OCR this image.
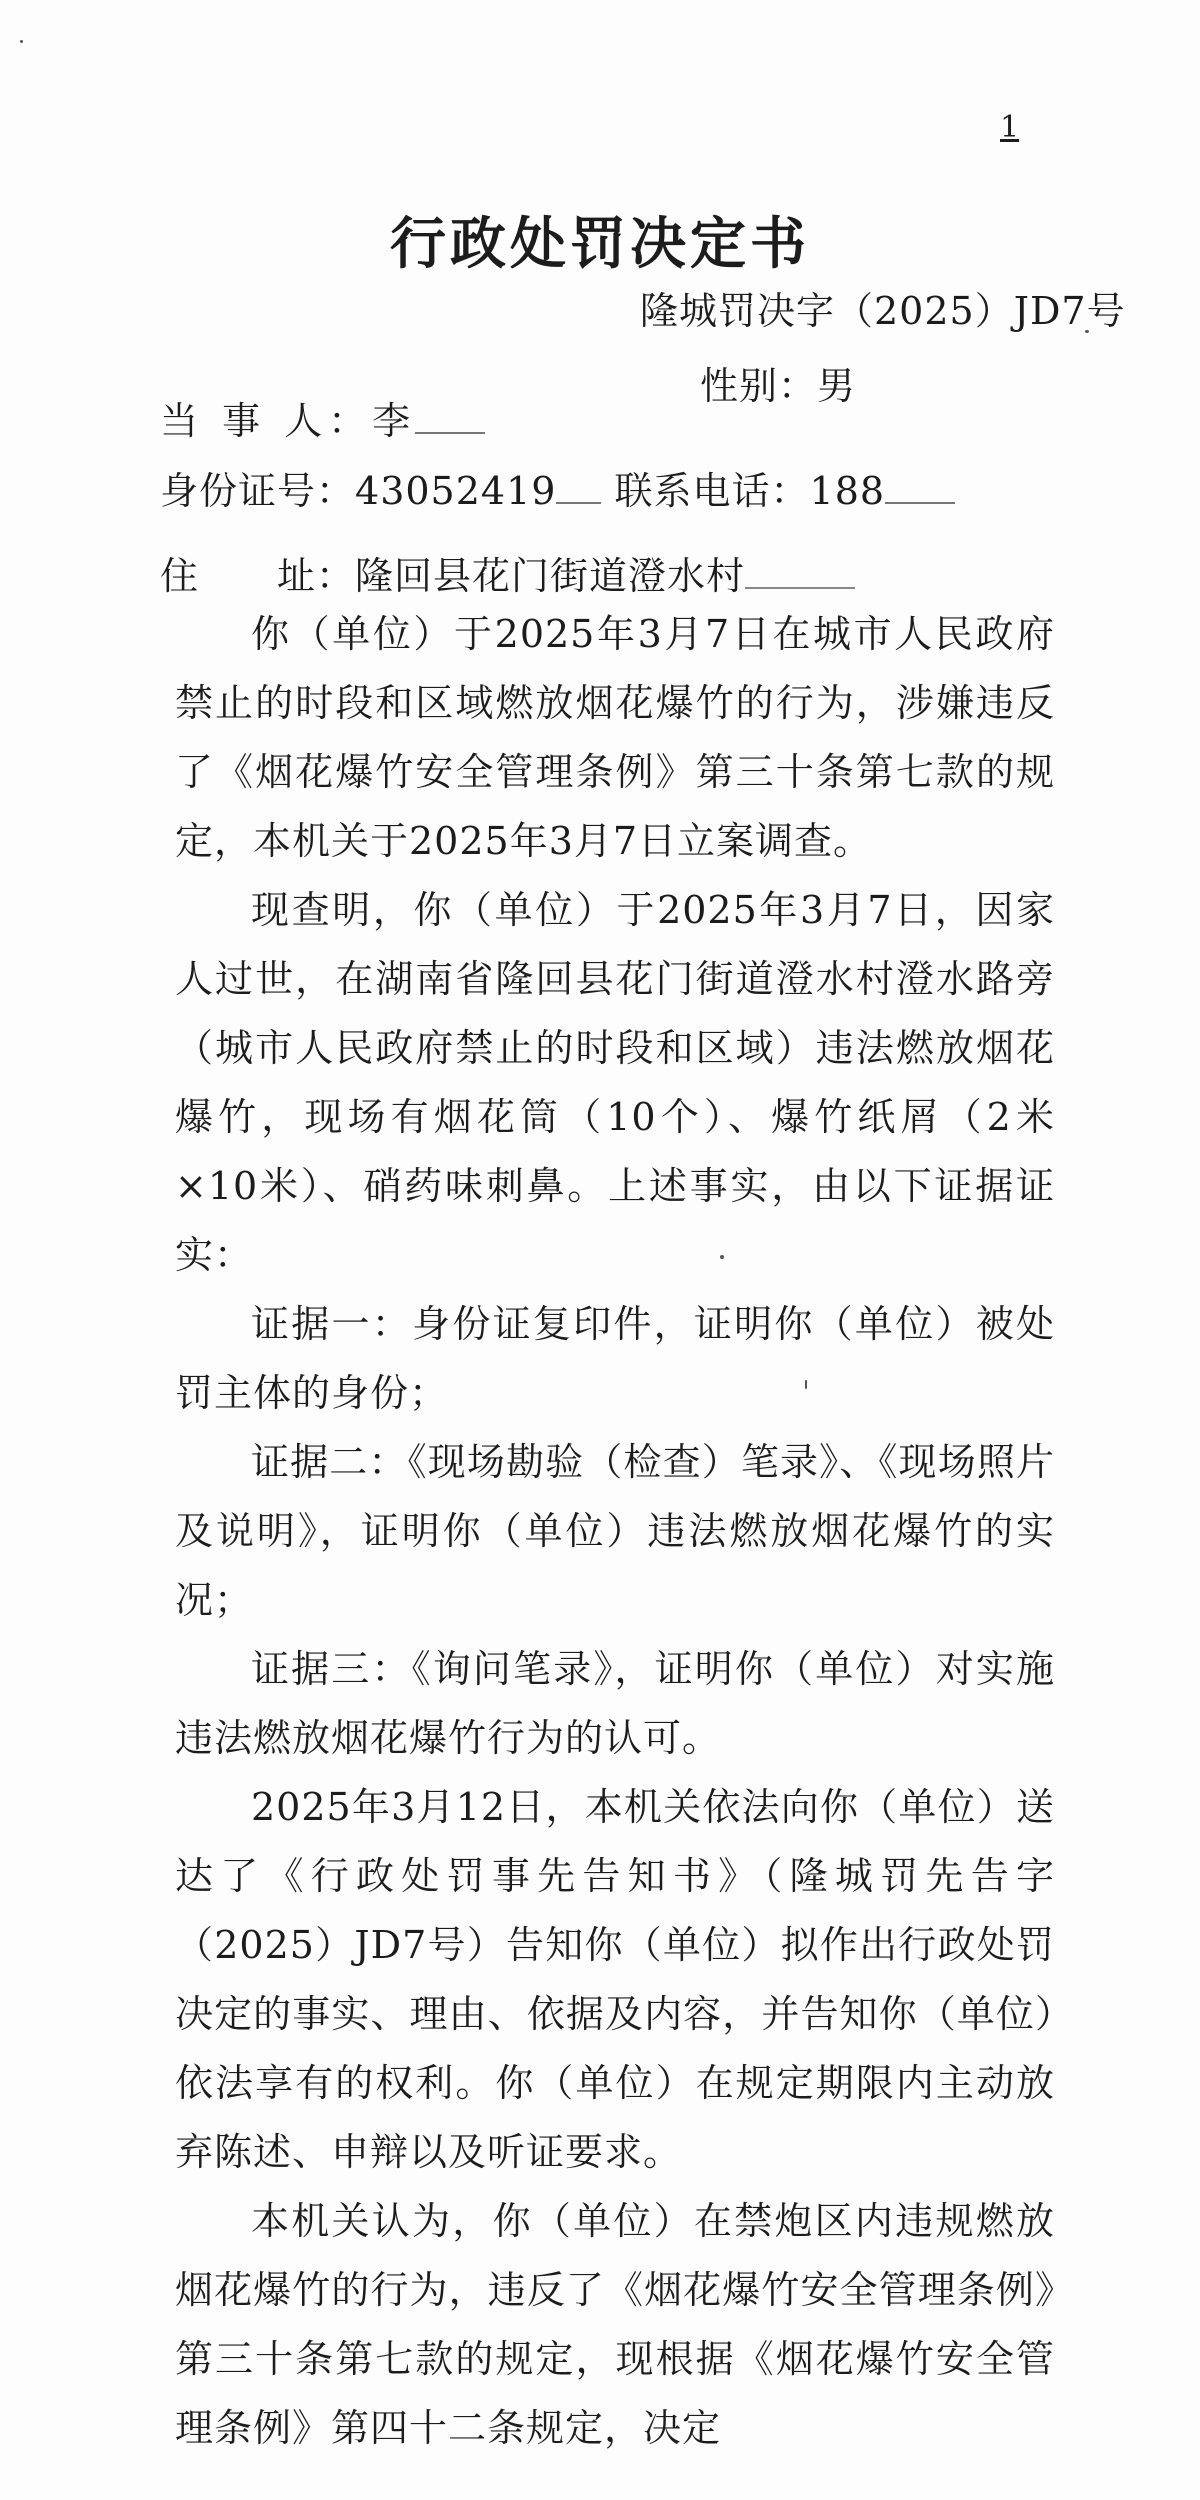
1
行政处罚决定书
隆城罚决字（2025）JD7号
当 事 人：李
性别：男
身份证号：43052419 联系电话：188
住　　址：隆回县花门街道澄水村

你（单位）于2025年3月7日在城市人民政府禁止的时段和区域燃放烟花爆竹的行为，涉嫌违反了《烟花爆竹安全管理条例》第三十条第七款的规定，本机关于2025年3月7日立案调查。

现查明，你（单位）于2025年3月7日，因家人过世，在湖南省隆回县花门街道澄水村澄水路旁（城市人民政府禁止的时段和区域）违法燃放烟花爆竹，现场有烟花筒（10个）、爆竹纸屑（2米×10米）、硝药味刺鼻。上述事实，由以下证据证实：

证据一：身份证复印件，证明你（单位）被处罚主体的身份；

证据二：《现场勘验（检查）笔录》、《现场照片及说明》，证明你（单位）违法燃放烟花爆竹的实况；

证据三：《询问笔录》，证明你（单位）对实施违法燃放烟花爆竹行为的认可。

2025年3月12日，本机关依法向你（单位）送达了《行政处罚事先告知书》（隆城罚先告字（2025）JD7号）告知你（单位）拟作出行政处罚决定的事实、理由、依据及内容，并告知你（单位）依法享有的权利。你（单位）在规定期限内主动放弃陈述、申辩以及听证要求。

本机关认为，你（单位）在禁炮区内违规燃放烟花爆竹的行为，违反了《烟花爆竹安全管理条例》第三十条第七款的规定，现根据《烟花爆竹安全管理条例》第四十二条规定，决定
